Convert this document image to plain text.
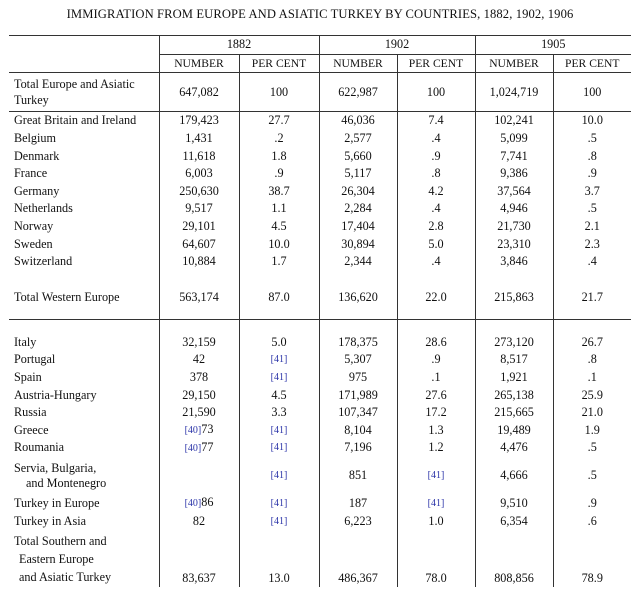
IMMIGRATION FROM EUROPE AND ASIATIC TURKEY BY COUNTRIES, 1882, 1902, 1906
	1882		1902		1905	
	NUMBER	PER CENT	NUMBER	PER CENT	NUMBER	PER CENT
Total Europe and Asiatic Turkey	647,082	100	622,987	100	1,024,719	100
Great Britain and Ireland	179,423	27.7	46,036	7.4	102,241	10.0
Belgium	1,431	.2	2,577	.4	5,099	.5
Denmark	11,618	1.8	5,660	.9	7,741	.8
France	6,003	.9	5,117	.8	9,386	.9
Germany	250,630	38.7	26,304	4.2	37,564	3.7
Netherlands	9,517	1.1	2,284	.4	4,946	.5
Norway	29,101	4.5	17,404	2.8	21,730	2.1
Sweden	64,607	10.0	30,894	5.0	23,310	2.3
Switzerland	10,884	1.7	2,344	.4	3,846	.4
Total Western Europe	563,174	87.0	136,620	22.0	215,863	21.7

Italy	32,159	5.0	178,375	28.6	273,120	26.7
Portugal	42	[41]	5,307	.9	8,517	.8
Spain	378	[41]	975	.1	1,921	.1
Austria-Hungary	29,150	4.5	171,989	27.6	265,138	25.9
Russia	21,590	3.3	107,347	17.2	215,665	21.0
Greece	[40]73	[41]	8,104	1.3	19,489	1.9
Roumania	[40]77	[41]	7,196	1.2	4,476	.5

Servia, Bulgaria,
and Montenegro		[41]	851	[41]	4,666	.5
Turkey in Europe	[40]86	[41]	187	[41]	9,510	.9
Turkey in Asia	82	[41]	6,223	1.0	6,354	.6

Total Southern and
Eastern Europe
and Asiatic Turkey	83,637	13.0	486,367	78.0	808,856	78.9
